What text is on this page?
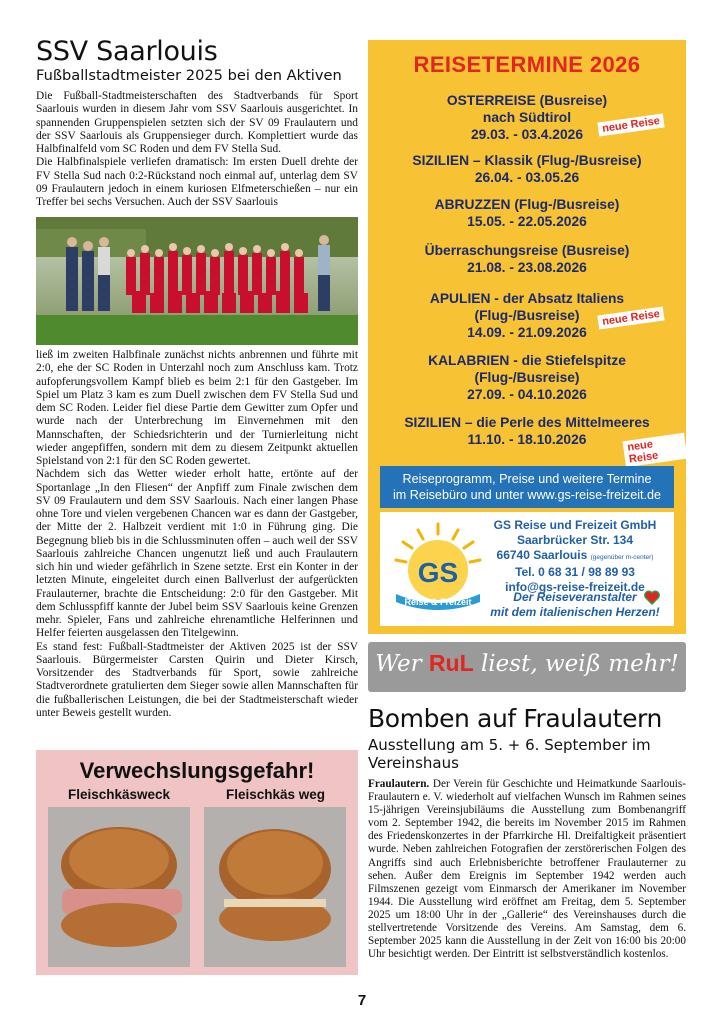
SSV Saarlouis
Fußballstadtmeister 2025 bei den Aktiven

Die Fußball-Stadtmeisterschaften des Stadtverbands für Sport Saarlouis wurden in diesem Jahr vom SSV Saarlouis ausgerichtet. In spannenden Gruppenspielen setzten sich der SV 09 Fraulautern und der SSV Saarlouis als Gruppensieger durch. Komplettiert wurde das Halbfinalfeld vom SC Roden und dem FV Stella Sud.

Die Halbfinalspiele verliefen dramatisch: Im ersten Duell drehte der FV Stella Sud nach 0:2-Rückstand noch einmal auf, unterlag dem SV 09 Fraulautern jedoch in einem kuriosen Elfmeterschießen – nur ein Treffer bei sechs Versuchen. Auch der SSV Saarlouis

ließ im zweiten Halbfinale zunächst nichts anbrennen und führte mit 2:0, ehe der SC Roden in Unterzahl noch zum Anschluss kam. Trotz aufopferungsvollem Kampf blieb es beim 2:1 für den Gastgeber. Im Spiel um Platz 3 kam es zum Duell zwischen dem FV Stella Sud und dem SC Roden. Leider fiel diese Partie dem Gewitter zum Opfer und wurde nach der Unterbrechung im Einvernehmen mit den Mannschaften, der Schiedsrichterin und der Turnierleitung nicht wieder angepfiffen, sondern mit dem zu diesem Zeitpunkt aktuellen Spielstand von 2:1 für den SC Roden gewertet.

Nachdem sich das Wetter wieder erholt hatte, ertönte auf der Sportanlage „In den Fliesen“ der Anpfiff zum Finale zwischen dem SV 09 Fraulautern und dem SSV Saarlouis. Nach einer langen Phase ohne Tore und vielen vergebenen Chancen war es dann der Gastgeber, der Mitte der 2. Halbzeit verdient mit 1:0 in Führung ging. Die Begegnung blieb bis in die Schlussminuten offen – auch weil der SSV Saarlouis zahlreiche Chancen ungenutzt ließ und auch Fraulautern sich hin und wieder gefährlich in Szene setzte. Erst ein Konter in der letzten Minute, eingeleitet durch einen Ballverlust der aufgerückten Fraulauterner, brachte die Entscheidung: 2:0 für den Gastgeber. Mit dem Schlusspfiff kannte der Jubel beim SSV Saarlouis keine Grenzen mehr. Spieler, Fans und zahlreiche ehrenamtliche Helferinnen und Helfer feierten ausgelassen den Titelgewinn.

Es stand fest: Fußball-Stadtmeister der Aktiven 2025 ist der SSV Saarlouis. Bürgermeister Carsten Quirin und Dieter Kirsch, Vorsitzender des Stadtverbands für Sport, sowie zahlreiche Stadtverordnete gratulierten dem Sieger sowie allen Mannschaften für die fußballerischen Leistungen, die bei der Stadtmeisterschaft wieder unter Beweis gestellt wurden.

Verwechslungsgefahr!
Fleischkäsweck	Fleischkäs weg
REISETERMINE 2026
OSTERREISE (Busreise)
nach Südtirol
29.03. - 03.4.2026	neue Reise
SIZILIEN – Klassik (Flug-/Busreise)
26.04. - 03.05.26
ABRUZZEN (Flug-/Busreise)
15.05. - 22.05.2026
Überraschungsreise (Busreise)
21.08. - 23.08.2026
APULIEN - der Absatz Italiens
(Flug-/Busreise)
14.09. - 21.09.2026
neue Reise
KALABRIEN - die Stiefelspitze
(Flug-/Busreise)
27.09. - 04.10.2026
SIZILIEN – die Perle des Mittelmeeres
11.10. - 18.10.2026	neue Reise
Reiseprogramm, Preise und weitere Termine
im Reisebüro und unter www.gs-reise-freizeit.de
GS
Reise & Freizeit
GS Reise und Freizeit GmbH
Saarbrücker Str. 134
66740 Saarlouis (gegenüber m-center)
Tel. 0 68 31 / 98 89 93
info@gs-reise-freizeit.de
Der Reiseveranstalter
mit dem italienischen Herzen!
Wer RuL liest, weiß mehr!
Bomben auf Fraulautern
Ausstellung am 5. + 6. September im Vereinshaus
Fraulautern. Der Verein für Geschichte und Heimatkunde Saarlouis-Fraulautern e. V. wiederholt auf vielfachen Wunsch im Rahmen seines 15-jährigen Vereinsjubiläums die Ausstellung zum Bombenangriff vom 2. September 1942, die bereits im November 2015 im Rahmen des Friedenskonzertes in der Pfarrkirche Hl. Dreifaltigkeit präsentiert wurde. Neben zahlreichen Fotografien der zerstörerischen Folgen des Angriffs sind auch Erlebnisberichte betroffener Fraulauterner zu sehen. Außer dem Ereignis im September 1942 werden auch Filmszenen gezeigt vom Einmarsch der Amerikaner im November 1944. Die Ausstellung wird eröffnet am Freitag, dem 5. September 2025 um 18:00 Uhr in der „Gallerie“ des Vereinshauses durch die stellvertretende Vorsitzende des Vereins. Am Samstag, dem 6. September 2025 kann die Ausstellung in der Zeit von 16:00 bis 20:00 Uhr besichtigt werden. Der Eintritt ist selbstverständlich kostenlos.
7
